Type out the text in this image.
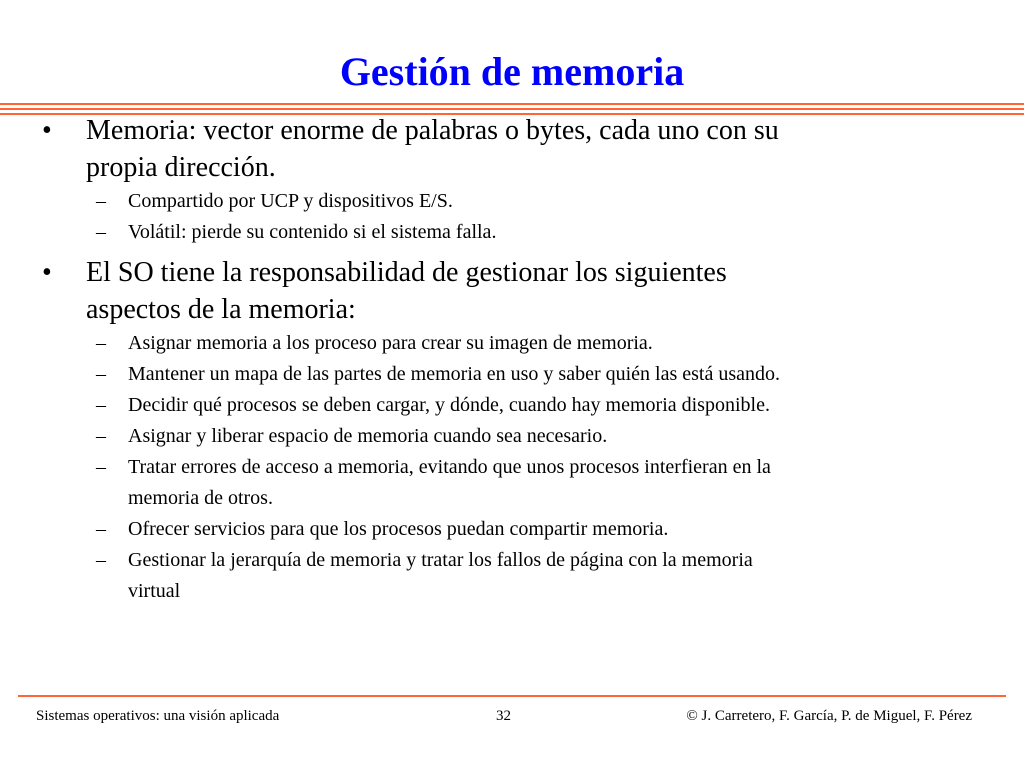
Gestión de memoria
• Memoria: vector enorme de palabras o bytes, cada uno con su
propia dirección.
– Compartido por UCP y dispositivos E/S.
– Volátil: pierde su contenido si el sistema falla.
• El SO tiene la responsabilidad de gestionar los siguientes
aspectos de la memoria:
– Asignar memoria a los proceso para crear su imagen de memoria.
– Mantener un mapa de las partes de memoria en uso y saber quién las está usando.
– Decidir qué procesos se deben cargar, y dónde, cuando hay memoria disponible.
– Asignar y liberar espacio de memoria cuando sea necesario.
– Tratar errores de acceso a memoria, evitando que unos procesos interfieran en la
memoria de otros.
– Ofrecer servicios para que los procesos puedan compartir memoria.
– Gestionar la jerarquía de memoria y tratar los fallos de página con la memoria
virtual
Sistemas operativos: una visión aplicada	32	© J. Carretero, F. García, P. de Miguel, F. Pérez
